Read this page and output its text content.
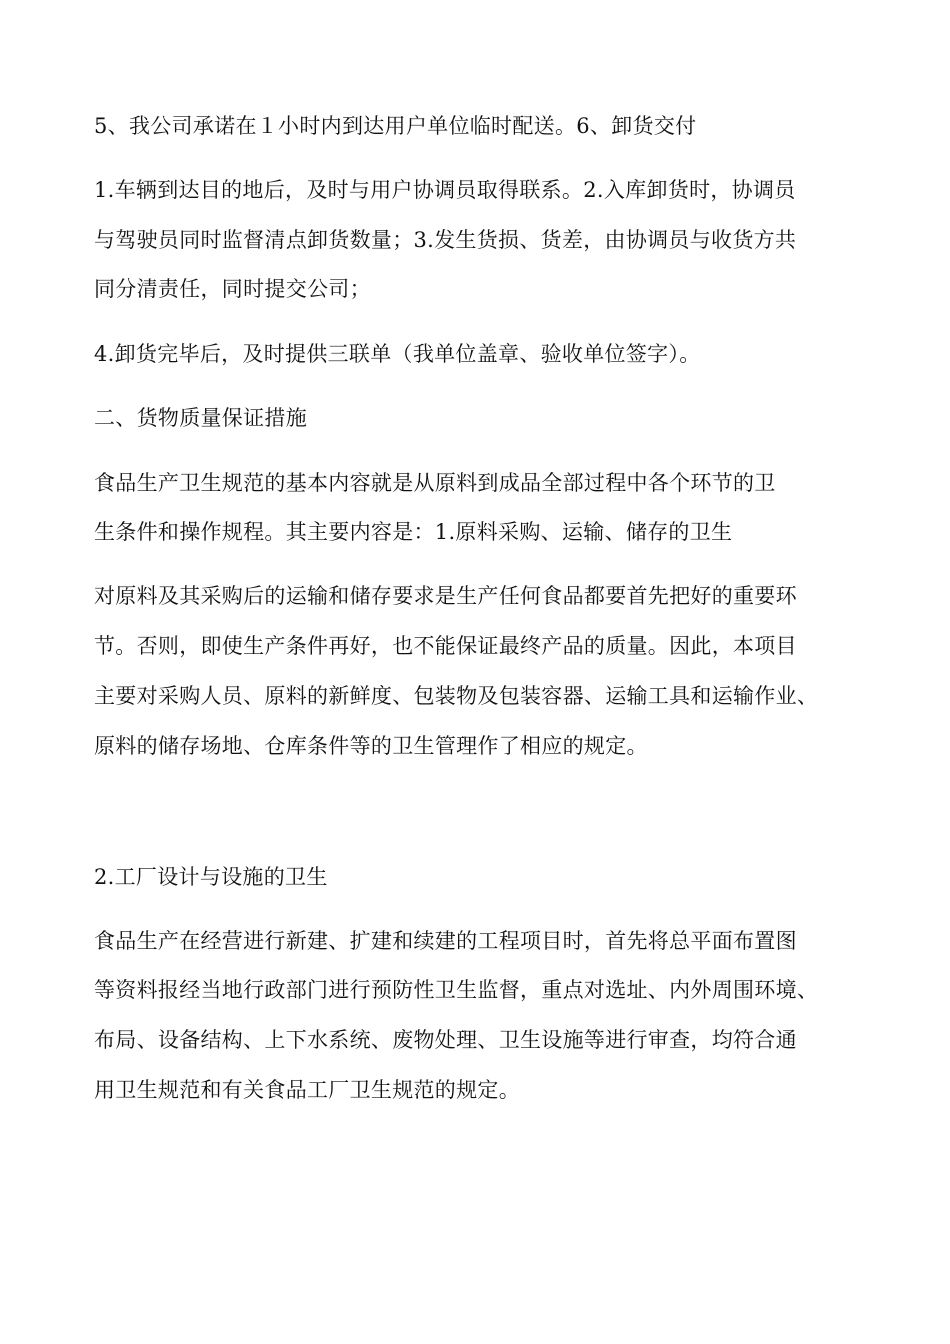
5、我公司承诺在１小时内到达用户单位临时配送。6、卸货交付
1.车辆到达目的地后，及时与用户协调员取得联系。2.入库卸货时，协调员
与驾驶员同时监督清点卸货数量；3.发生货损、货差，由协调员与收货方共
同分清责任，同时提交公司；
4.卸货完毕后，及时提供三联单（我单位盖章、验收单位签字）。
二、货物质量保证措施
食品生产卫生规范的基本内容就是从原料到成品全部过程中各个环节的卫
生条件和操作规程。其主要内容是：1.原料采购、运输、储存的卫生
对原料及其采购后的运输和储存要求是生产任何食品都要首先把好的重要环
节。否则，即使生产条件再好，也不能保证最终产品的质量。因此，本项目
主要对采购人员、原料的新鲜度、包装物及包装容器、运输工具和运输作业、
原料的储存场地、仓库条件等的卫生管理作了相应的规定。
2.工厂设计与设施的卫生
食品生产在经营进行新建、扩建和续建的工程项目时，首先将总平面布置图
等资料报经当地行政部门进行预防性卫生监督，重点对选址、内外周围环境、
布局、设备结构、上下水系统、废物处理、卫生设施等进行审查，均符合通
用卫生规范和有关食品工厂卫生规范的规定。
